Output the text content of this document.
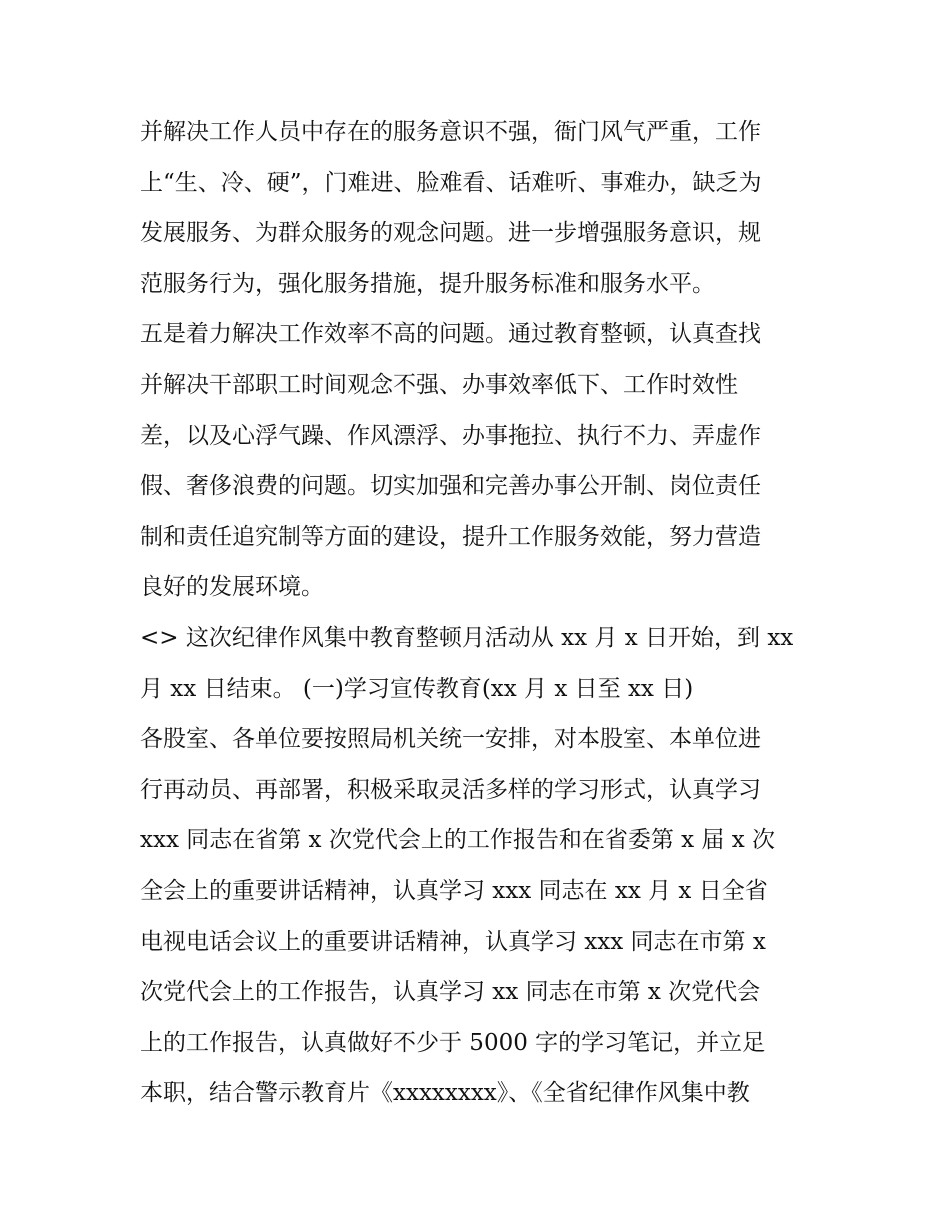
并解决工作人员中存在的服务意识不强，衙门风气严重，工作
上“生、冷、硬”，门难进、脸难看、话难听、事难办，缺乏为
发展服务、为群众服务的观念问题。进一步增强服务意识，规
范服务行为，强化服务措施，提升服务标准和服务水平。
五是着力解决工作效率不高的问题。通过教育整顿，认真查找
并解决干部职工时间观念不强、办事效率低下、工作时效性
差，以及心浮气躁、作风漂浮、办事拖拉、执行不力、弄虚作
假、奢侈浪费的问题。切实加强和完善办事公开制、岗位责任
制和责任追究制等方面的建设，提升工作服务效能，努力营造
良好的发展环境。
<> 这次纪律作风集中教育整顿月活动从 xx 月 x 日开始，到 xx
月 xx 日结束。 (一)学习宣传教育(xx 月 x 日至 xx 日)
各股室、各单位要按照局机关统一安排，对本股室、本单位进
行再动员、再部署，积极采取灵活多样的学习形式，认真学习
xxx 同志在省第 x 次党代会上的工作报告和在省委第 x 届 x 次
全会上的重要讲话精神，认真学习 xxx 同志在 xx 月 x 日全省
电视电话会议上的重要讲话精神，认真学习 xxx 同志在市第 x
次党代会上的工作报告，认真学习 xx 同志在市第 x 次党代会
上的工作报告，认真做好不少于 5000 字的学习笔记，并立足
本职，结合警示教育片《xxxxxxxx》、《全省纪律作风集中教
